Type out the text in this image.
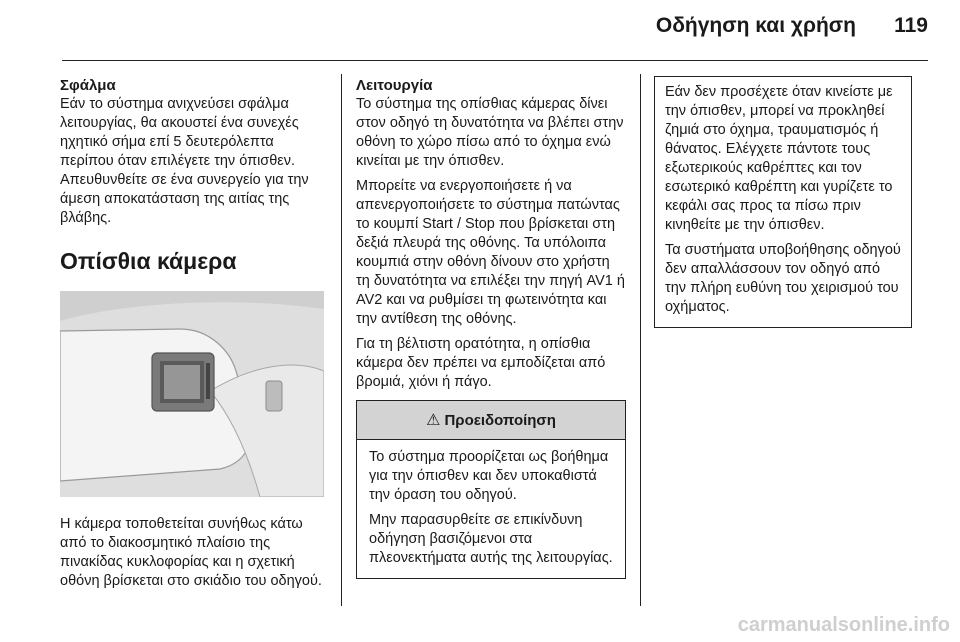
Οδήγηση και χρήση	119

Σφάλμα

Εάν το σύστημα ανιχνεύσει σφάλμα λειτουργίας, θα ακουστεί ένα συνεχές ηχητικό σήμα επί 5 δευτερόλεπτα περίπου όταν επιλέγετε την όπισθεν. Απευθυνθείτε σε ένα συνεργείο για την άμεση αποκατάσταση της αιτίας της βλάβης.

Οπίσθια κάμερα

Η κάμερα τοποθετείται συνήθως κάτω από το διακοσμητικό πλαίσιο της πινακίδας κυκλοφορίας και η σχετική οθόνη βρίσκεται στο σκιάδιο του οδηγού.

Λειτουργία

Το σύστημα της οπίσθιας κάμερας δίνει στον οδηγό τη δυνατότητα να βλέπει στην οθόνη το χώρο πίσω από το όχημα ενώ κινείται με την όπισθεν.

Μπορείτε να ενεργοποιήσετε ή να απενεργοποιήσετε το σύστημα πατώντας το κουμπί Start / Stop που βρίσκεται στη δεξιά πλευρά της οθόνης. Τα υπόλοιπα κουμπιά στην οθόνη δίνουν στο χρήστη τη δυνατότητα να επιλέξει την πηγή AV1 ή AV2 και να ρυθμίσει τη φωτεινότητα και την αντίθεση της οθόνης.

Για τη βέλτιστη ορατότητα, η οπίσθια κάμερα δεν πρέπει να εμποδίζεται από βρομιά, χιόνι ή πάγο.

⚠ Προειδοποίηση

Το σύστημα προορίζεται ως βοήθημα για την όπισθεν και δεν υποκαθιστά την όραση του οδηγού.

Μην παρασυρθείτε σε επικίνδυνη οδήγηση βασιζόμενοι στα πλεονεκτήματα αυτής της λειτουργίας.

Εάν δεν προσέχετε όταν κινείστε με την όπισθεν, μπορεί να προκληθεί ζημιά στο όχημα, τραυματισμός ή θάνατος. Ελέγχετε πάντοτε τους εξωτερικούς καθρέπτες και τον εσωτερικό καθρέπτη και γυρίζετε το κεφάλι σας προς τα πίσω πριν κινηθείτε με την όπισθεν.

Τα συστήματα υποβοήθησης οδηγού δεν απαλλάσσουν τον οδηγό από την πλήρη ευθύνη του χειρισμού του οχήματος.

carmanualsonline.info
